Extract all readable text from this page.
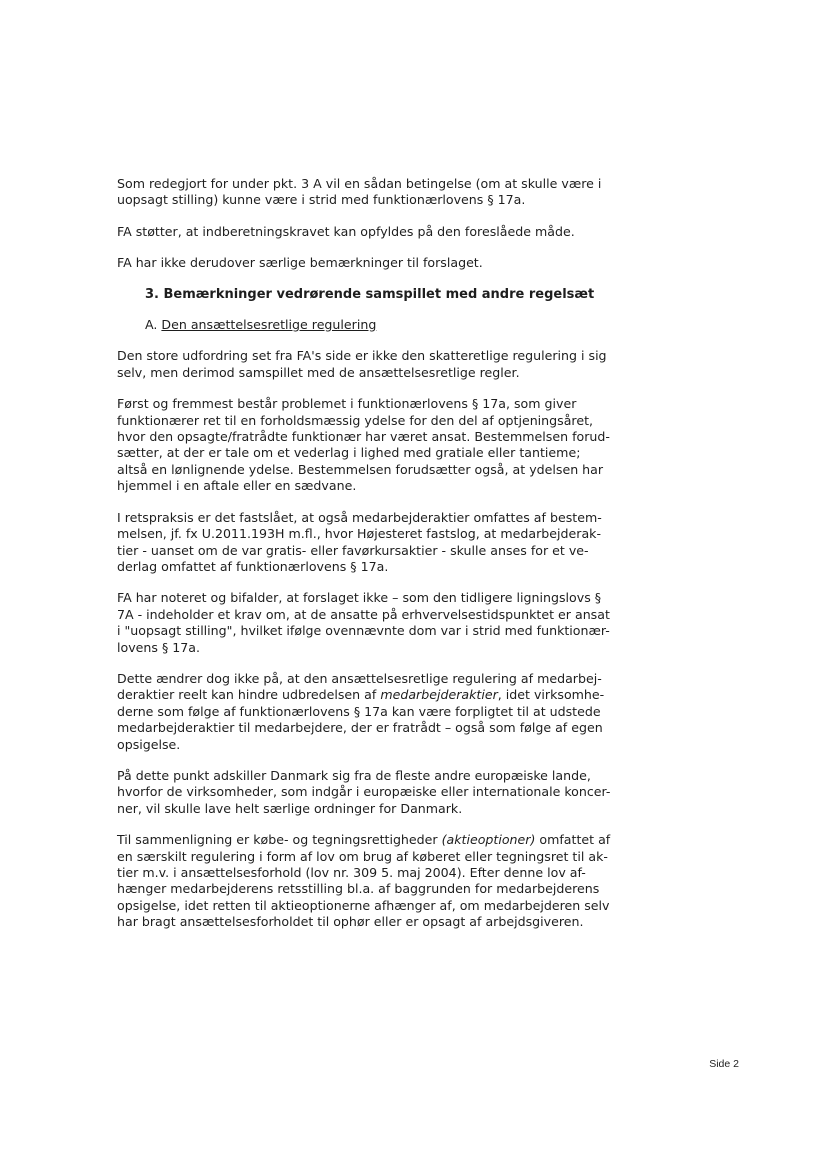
Som redegjort for under pkt. 3 A vil en sådan betingelse (om at skulle være i
uopsagt stilling) kunne være i strid med funktionærlovens § 17a.

FA støtter, at indberetningskravet kan opfyldes på den foreslåede måde.

FA har ikke derudover særlige bemærkninger til forslaget.

3. Bemærkninger vedrørende samspillet med andre regelsæt

A. Den ansættelsesretlige regulering

Den store udfordring set fra FA's side er ikke den skatteretlige regulering i sig
selv, men derimod samspillet med de ansættelsesretlige regler.

Først og fremmest består problemet i funktionærlovens § 17a, som giver
funktionærer ret til en forholdsmæssig ydelse for den del af optjeningsåret,
hvor den opsagte/fratrådte funktionær har været ansat. Bestemmelsen forud-
sætter, at der er tale om et vederlag i lighed med gratiale eller tantieme;
altså en lønlignende ydelse. Bestemmelsen forudsætter også, at ydelsen har
hjemmel i en aftale eller en sædvane.

I retspraksis er det fastslået, at også medarbejderaktier omfattes af bestem-
melsen, jf. fx U.2011.193H m.fl., hvor Højesteret fastslog, at medarbejderak-
tier - uanset om de var gratis- eller favørkursaktier - skulle anses for et ve-
derlag omfattet af funktionærlovens § 17a.

FA har noteret og bifalder, at forslaget ikke – som den tidligere ligningslovs §
7A - indeholder et krav om, at de ansatte på erhvervelsestidspunktet er ansat
i "uopsagt stilling", hvilket ifølge ovennævnte dom var i strid med funktionær-
lovens § 17a.

Dette ændrer dog ikke på, at den ansættelsesretlige regulering af medarbej-
deraktier reelt kan hindre udbredelsen af medarbejderaktier, idet virksomhe-
derne som følge af funktionærlovens § 17a kan være forpligtet til at udstede
medarbejderaktier til medarbejdere, der er fratrådt – også som følge af egen
opsigelse.

På dette punkt adskiller Danmark sig fra de fleste andre europæiske lande,
hvorfor de virksomheder, som indgår i europæiske eller internationale koncer-
ner, vil skulle lave helt særlige ordninger for Danmark.

Til sammenligning er købe- og tegningsrettigheder (aktieoptioner) omfattet af
en særskilt regulering i form af lov om brug af køberet eller tegningsret til ak-
tier m.v. i ansættelsesforhold (lov nr. 309 5. maj 2004). Efter denne lov af-
hænger medarbejderens retsstilling bl.a. af baggrunden for medarbejderens
opsigelse, idet retten til aktieoptionerne afhænger af, om medarbejderen selv
har bragt ansættelsesforholdet til ophør eller er opsagt af arbejdsgiveren.

Side 2
